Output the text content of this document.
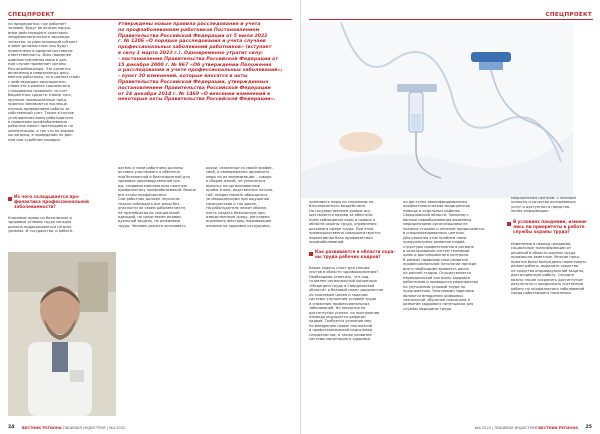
СПЕЦПРОЕКТ
на предприятии, где работает
человек, будут во всяком наруш-
ении действующего санитарно-
эпидемиологического законода-
тельства, осуществляющий субъект
и вине должностных лиц будут
привлечены в административную
ответственность. Всех наименее
административная мера в дан-
ном случае применяет органы
Роспотребнадзора. Что касается
включения и ревизионных доку-
ментов работника, то в соответствии
с действующим законодатель-
ством это в рамках социального
страхования позволяет за счет
бюджетных средств. Кроме того,
крупные промышленные пред-
приятия занимаются послеоце-
ночным проведением работы за
собственный счет. Также в случае
установления вины работодателя
в появлении профзаболевания
работник может претендовать на
компенсацию, а так что он вправе
когда вред, в проведении по дан-
ном или судебном порядке.
Из чего складывается про-
филактика профессиональной
заболеваемости?
Ключевое право на безопасные и
здоровые условия труда сегодня
должно поддерживаться на всех
уровнях. И государство, и работа-
Утверждены новые правила расследования и учета
по профзаболеваниям работников Постановлением
Правительства Российской Федерации от 5 июля 2022
г. № 1206 «О порядке расследования и учета случаев
профессиональных заболеваний работников» (вступает
в силу 1 марта 2023 г.). Одновременно утратит силу:
- постановление Правительства Российской Федерации от
15 декабря 2000 г. № 967 «Об утверждении Положения
о расследовании и учете профессиональных заболеваний»;
- пункт 30 изменений, которые вносятся в акты
Правительства Российской Федерации, утвержденных
постановлением Правительства Российской Федерации
от 24 декабря 2014 г. № 1469 «О внесении изменений в
некоторые акты Правительства Российской Федерации».
датель и сами работники должны
активно участвовать в обеспече-
нии безопасной и благоприятной для
здоровья производственной сре-
ды, создавая максимально прочную
профилактику профзаболеваний. Важно
все этапы профилактики.
Сам работник должен неукосни-
тельно соблюдать все меры без-
опасности на своем рабочем месте,
не пренебрегая их специальной
одеждой, не средствами индиви-
дуальной защиты, не режимами
труда. Человек должен осознавать
риски, связанные со своей профес-
сией, и своевременно принимать
меры по их минимизации – говоря
о сборов жалоб, не уклоняться
выпуску на организованные
прямы знаки, родственных патоло-
гий, предоставлять обращаться
за медицинскими при ощущении
самочувствия и так далее.
На работодателе лежит обязан-
ность создать безопасную про-
изводственную среду, регулярно
оценивать факторы, вызывающие
влияние на здоровье сотрудника,
24 ВЕСТНИК РЕГИОНА ПИЩЕВАЯ ИНДУСТРИЯ | №4 2022
СПЕЦПРОЕКТ
принимать меры по снижению не-
благоприятного воздействия.
На государственном уровне осу-
ществляется надзор за обеспече-
нием соблюдения норм и правил в
области охраны труда, управления
рисками в сфере труда. При этом
преимущественно совершенствуется
нормативная база профилактики
профзаболеваний.
Как развивается в области охра-
ны труда рабочих кадров?
Какие задачи стоят для специа-
листов в области здравоохранения?
Необходимо отметить, что под-
готовлен региональный концепция
«Медицина труда в Свердловской
области» и базовый пакет документов
по ключевым целям и задачам
системы улучшения условий труда
и снижения профессиональных
заболеваний. Но несмотря на
достигнутые успехи, на протяжении
периода ощущается дефицит
кадров. Требуется усиление мер
по внедрению новых технологий
и профессиональной подготовки
специалистов, а также развитие
системы мониторинга здоровья.
но доступна квалифицированная
профпатологическая медицинская
помощь в отдельных районах
Свердловской области. Злокачест-
венные новообразования выявлены
медицинскими организациями на
поздних стадиях и лечение продолжается
в специализированных центрах.
Для решения этих проблем нами
предусмотрено развитие инфра-
структуры профпатологии в регионе
и использование систем телемеди-
цины и дистанционного контроля.
В рамках профилактики развития
профессиональной патологии прежде
всего необходимо выявлять риски
на ранней стадии. Осуществляется
периодический контроль здоровья
работников и проводятся мероприятия
по улучшению условий труда на
предприятиях. Ключевыми задачами
являются внедрение цифровых
технологий, обучение персонала и
развитие кадрового потенциала для
службы медицины труда.
медицинским центром, с позиций
полноты и качества оказываемых
услуг и доступности представ-
ления информации.
В условиях пандемии, измени-
лись ли приоритеты в работе
службы охраны труда?
Изменения в период пандемии,
социальные трансформации от
решений в области охраны труда
произошли заметные. Многие пред-
приятия были вынуждены перестроить
режим работы, выделить средства
на средства индивидуальной защиты,
дистанционную работу. Сегодня
важно также сохранить достигнутые
результаты и продолжать системную
работу по профилактике заболеваний
среди работающего населения.
№4 2022 | ПИЩЕВАЯ ИНДУСТРИЯ ВЕСТНИК РЕГИОНА 25
